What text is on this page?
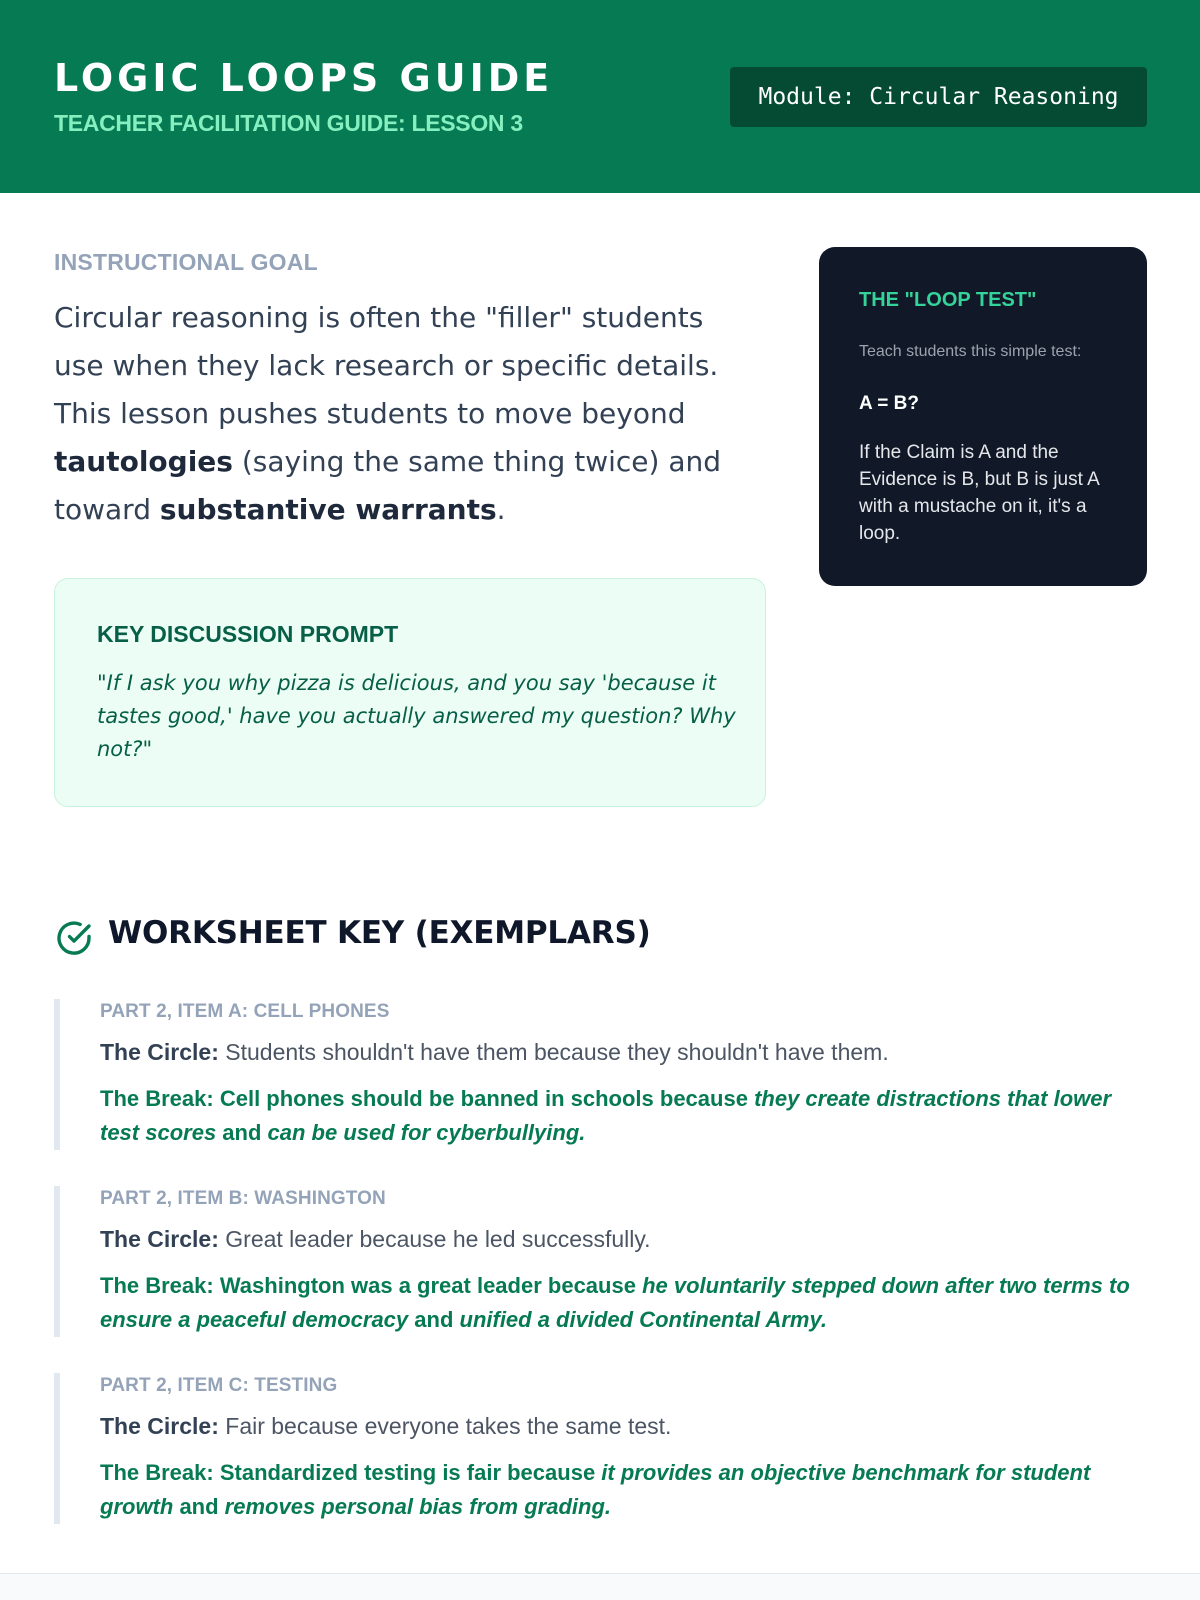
LOGIC LOOPS GUIDE
TEACHER FACILITATION GUIDE: LESSON 3
Module: Circular Reasoning
INSTRUCTIONAL GOAL

Circular reasoning is often the "filler" students use when they lack research or specific details. This lesson pushes students to move beyond tautologies (saying the same thing twice) and toward substantive warrants.

KEY DISCUSSION PROMPT

"If I ask you why pizza is delicious, and you say 'because it tastes good,' have you actually answered my question? Why not?"

THE "LOOP TEST"
Teach students this simple test:
A = B?

If the Claim is A and the Evidence is B, but B is just A with a mustache on it, it's a loop.

WORKSHEET KEY (EXEMPLARS)
PART 2, ITEM A: CELL PHONES
The Circle: Students shouldn't have them because they shouldn't have them.
The Break: Cell phones should be banned in schools because they create distractions that lower test scores and can be used for cyberbullying.
PART 2, ITEM B: WASHINGTON
The Circle: Great leader because he led successfully.
The Break: Washington was a great leader because he voluntarily stepped down after two terms to ensure a peaceful democracy and unified a divided Continental Army.
PART 2, ITEM C: TESTING
The Circle: Fair because everyone takes the same test.
The Break: Standardized testing is fair because it provides an objective benchmark for student growth and removes personal bias from grading.
